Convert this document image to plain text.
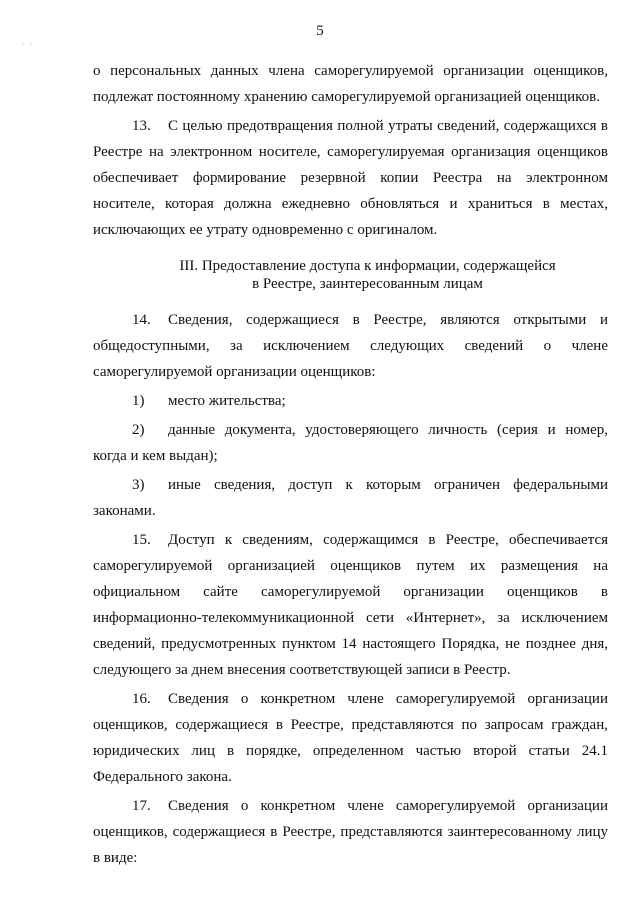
. .
5

о персональных данных члена саморегулируемой организации оценщиков, подлежат постоянному хранению саморегулируемой организацией оценщиков.

13. С целью предотвращения полной утраты сведений, содержащихся в Реестре на электронном носителе, саморегулируемая организация оценщиков обеспечивает формирование резервной копии Реестра на электронном носителе, которая должна ежедневно обновляться и храниться в местах, исключающих ее утрату одновременно с оригиналом.

III. Предоставление доступа к информации, содержащейся
в Реестре, заинтересованным лицам

14. Сведения, содержащиеся в Реестре, являются открытыми и общедоступными, за исключением следующих сведений о члене саморегулируемой организации оценщиков:

1) место жительства;

2) данные документа, удостоверяющего личность (серия и номер, когда и кем выдан);

3) иные сведения, доступ к которым ограничен федеральными законами.

15. Доступ к сведениям, содержащимся в Реестре, обеспечивается саморегулируемой организацией оценщиков путем их размещения на официальном сайте саморегулируемой организации оценщиков в информационно-телекоммуникационной сети «Интернет», за исключением сведений, предусмотренных пунктом 14 настоящего Порядка, не позднее дня, следующего за днем внесения соответствующей записи в Реестр.

16. Сведения о конкретном члене саморегулируемой организации оценщиков, содержащиеся в Реестре, представляются по запросам граждан, юридических лиц в порядке, определенном частью второй статьи 24.1 Федерального закона.

17. Сведения о конкретном члене саморегулируемой организации оценщиков, содержащиеся в Реестре, представляются заинтересованному лицу в виде:
